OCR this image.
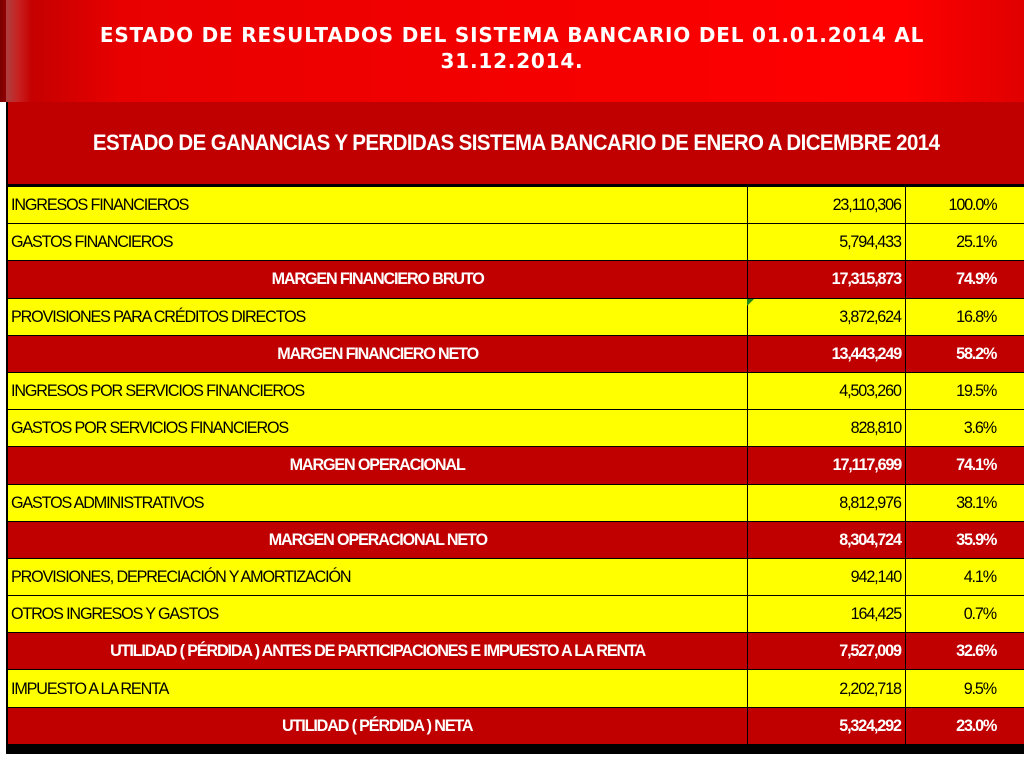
ESTADO DE RESULTADOS DEL SISTEMA BANCARIO DEL 01.01.2014 AL 31.12.2014.
ESTADO DE GANANCIAS Y PERDIDAS SISTEMA BANCARIO DE ENERO A DICEMBRE 2014
INGRESOS FINANCIEROS	23,110,306	100.0%
GASTOS FINANCIEROS	5,794,433	25.1%
MARGEN FINANCIERO BRUTO	17,315,873	74.9%
PROVISIONES PARA CRÉDITOS DIRECTOS	3,872,624	16.8%
MARGEN FINANCIERO NETO	13,443,249	58.2%
INGRESOS POR SERVICIOS FINANCIEROS	4,503,260	19.5%
GASTOS POR SERVICIOS FINANCIEROS	828,810	3.6%
MARGEN OPERACIONAL	17,117,699	74.1%
GASTOS ADMINISTRATIVOS	8,812,976	38.1%
MARGEN OPERACIONAL NETO	8,304,724	35.9%
PROVISIONES, DEPRECIACIÓN Y AMORTIZACIÓN	942,140	4.1%
OTROS INGRESOS Y GASTOS	164,425	0.7%
UTILIDAD ( PÉRDIDA ) ANTES DE PARTICIPACIONES E IMPUESTO A LA RENTA	7,527,009	32.6%
IMPUESTO A LA RENTA	2,202,718	9.5%
UTILIDAD ( PÉRDIDA ) NETA	5,324,292	23.0%
